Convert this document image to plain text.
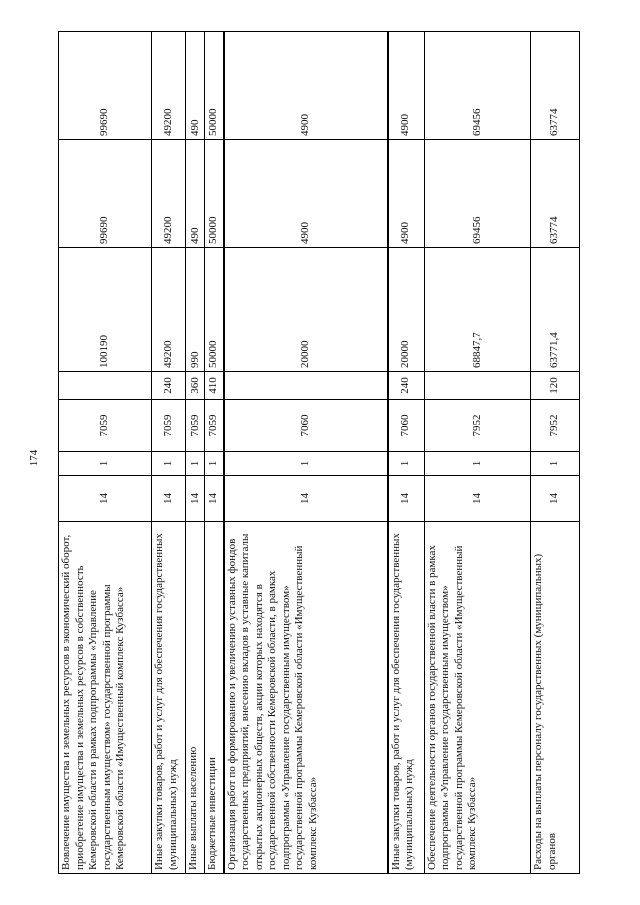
174
Вовлечение имущества и земельных ресурсов в экономический оборот, приобретение имущества и земельных ресурсов в собственность Кемеровской области в рамках подпрограммы «Управление государственным имуществом» государственной программы Кемеровской области «Имущественный комплекс Кузбасса»	14	1	7059		100190	99690	99690
Иные закупки товаров, работ и услуг для обеспечения государственных (муниципальных) нужд	14	1	7059	240	49200	49200	49200
Иные выплаты населению	14	1	7059	360	990	490	490
Бюджетные инвестиции	14	1	7059	410	50000	50000	50000
Организация работ по формированию и увеличению уставных фондов государственных предприятий, внесению вкладов в уставные капиталы открытых акционерных обществ, акции которых находятся в государственной собственности Кемеровской области, в рамках подпрограммы «Управление государственным имуществом» государственной программы Кемеровской области «Имущественный комплекс Кузбасса»	14	1	7060		20000	4900	4900
Иные закупки товаров, работ и услуг для обеспечения государственных (муниципальных) нужд	14	1	7060	240	20000	4900	4900
Обеспечение деятельности органов государственной власти в рамках подпрограммы «Управление государственным имуществом» государственной программы Кемеровской области «Имущественный комплекс Кузбасса»	14	1	7952		68847,7	69456	69456
Расходы на выплаты персоналу государственных (муниципальных) органов	14	1	7952	120	63771,4	63774	63774
